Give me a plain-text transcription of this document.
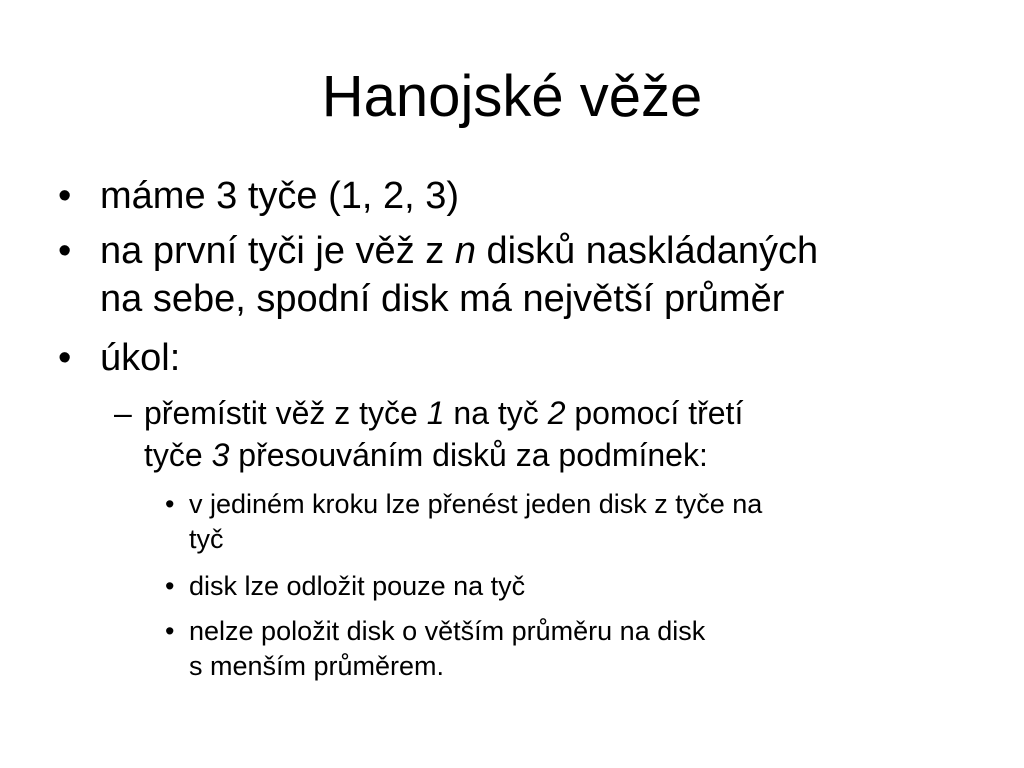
Hanojské věže
• máme 3 tyče (1, 2, 3)
• na první tyči je věž z n disků naskládaných
na sebe, spodní disk má největší průměr
• úkol:
– přemístit věž z tyče 1 na tyč 2 pomocí třetí
tyče 3 přesouváním disků za podmínek:
• v jediném kroku lze přenést jeden disk z tyče na
tyč
• disk lze odložit pouze na tyč
• nelze položit disk o větším průměru na disk
s menším průměrem.
